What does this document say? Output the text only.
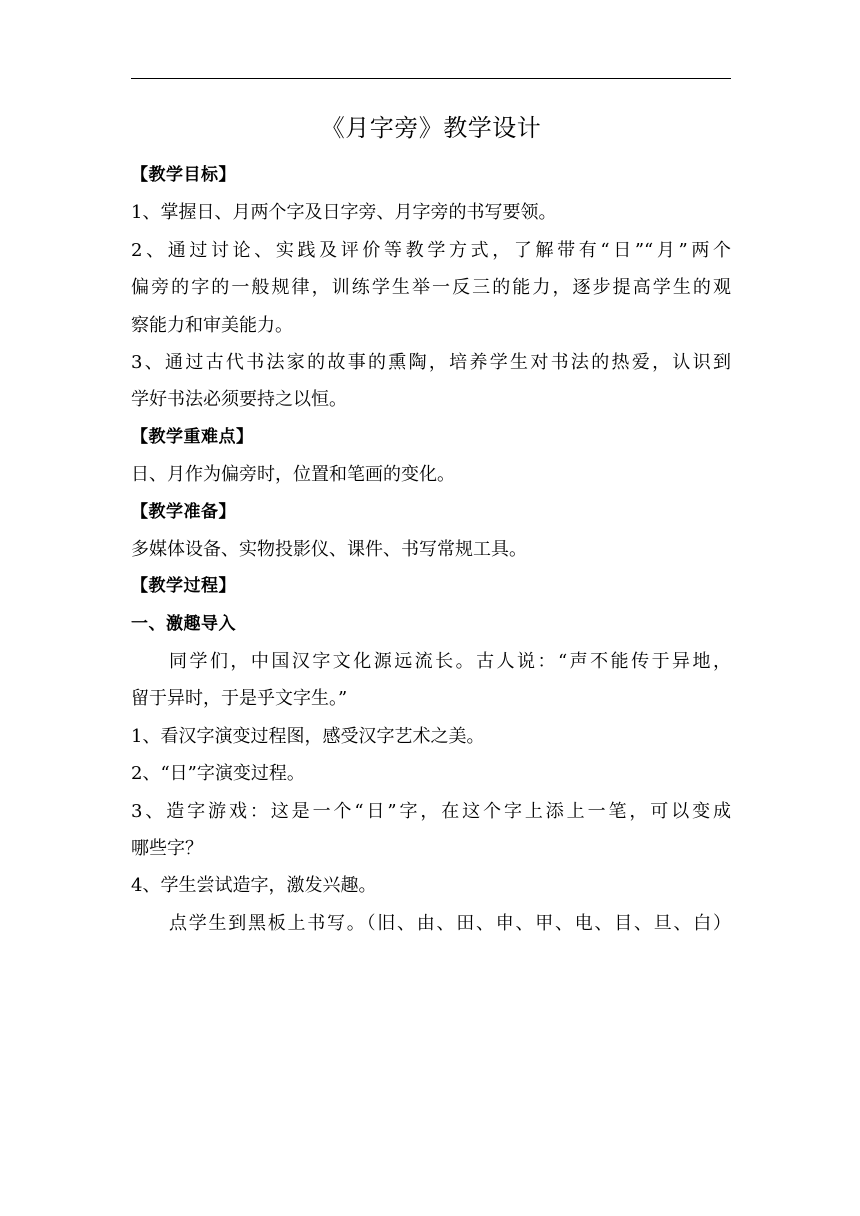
《月字旁》教学设计

【教学目标】

1、掌握日、月两个字及日字旁、月字旁的书写要领。

2、通过讨论、实践及评价等教学方式，了解带有“日”“月”两个

偏旁的字的一般规律，训练学生举一反三的能力，逐步提高学生的观

察能力和审美能力。

3、通过古代书法家的故事的熏陶，培养学生对书法的热爱，认识到

学好书法必须要持之以恒。

【教学重难点】

日、月作为偏旁时，位置和笔画的变化。

【教学准备】

多媒体设备、实物投影仪、课件、书写常规工具。

【教学过程】

一、激趣导入

同学们，中国汉字文化源远流长。古人说：“声不能传于异地，

留于异时，于是乎文字生。”

1、看汉字演变过程图，感受汉字艺术之美。

2、“日”字演变过程。

3、造字游戏：这是一个“日”字，在这个字上添上一笔，可以变成

哪些字？

4、学生尝试造字，激发兴趣。

点学生到黑板上书写。（旧、由、田、申、甲、电、目、旦、白）
